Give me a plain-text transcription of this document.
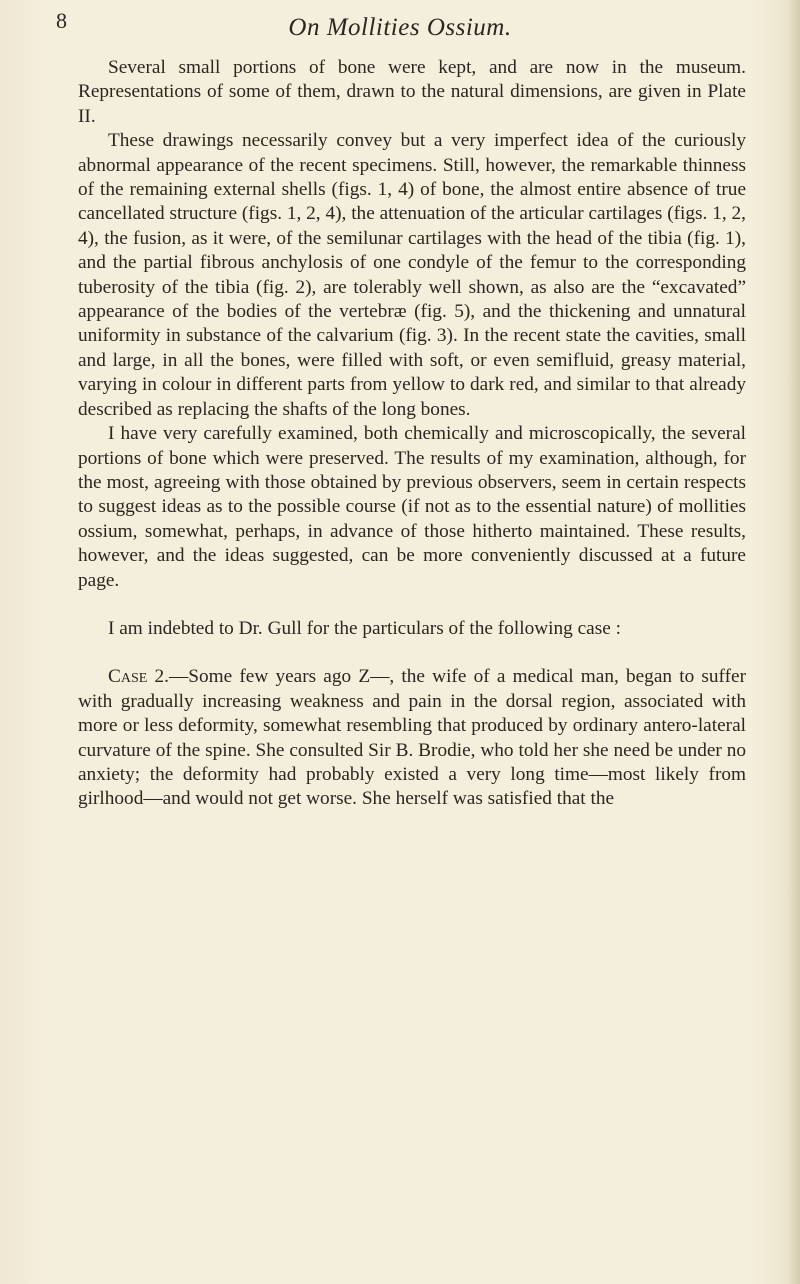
8	On Mollities Ossium.

Several small portions of bone were kept, and are now in the museum. Representations of some of them, drawn to the natural dimensions, are given in Plate II.

These drawings necessarily convey but a very imperfect idea of the curiously abnormal appearance of the recent specimens. Still, however, the remarkable thinness of the remaining external shells (figs. 1, 4) of bone, the almost entire absence of true cancellated structure (figs. 1, 2, 4), the attenuation of the articular cartilages (figs. 1, 2, 4), the fusion, as it were, of the semilunar cartilages with the head of the tibia (fig. 1), and the partial fibrous anchylosis of one condyle of the femur to the corresponding tuberosity of the tibia (fig. 2), are tolerably well shown, as also are the “excavated” appearance of the bodies of the vertebræ (fig. 5), and the thickening and unnatural uniformity in substance of the calvarium (fig. 3). In the recent state the cavities, small and large, in all the bones, were filled with soft, or even semifluid, greasy material, varying in colour in different parts from yellow to dark red, and similar to that already described as replacing the shafts of the long bones.

I have very carefully examined, both chemically and microscopically, the several portions of bone which were preserved. The results of my examination, although, for the most, agreeing with those obtained by previous observers, seem in certain respects to suggest ideas as to the possible course (if not as to the essential nature) of mollities ossium, somewhat, perhaps, in advance of those hitherto maintained. These results, however, and the ideas suggested, can be more conveniently discussed at a future page.

I am indebted to Dr. Gull for the particulars of the following case :

Case 2.—Some few years ago Z—, the wife of a medical man, began to suffer with gradually increasing weakness and pain in the dorsal region, associated with more or less deformity, somewhat resembling that produced by ordinary antero-lateral curvature of the spine. She consulted Sir B. Brodie, who told her she need be under no anxiety; the deformity had probably existed a very long time—most likely from girlhood—and would not get worse. She herself was satisfied that the
